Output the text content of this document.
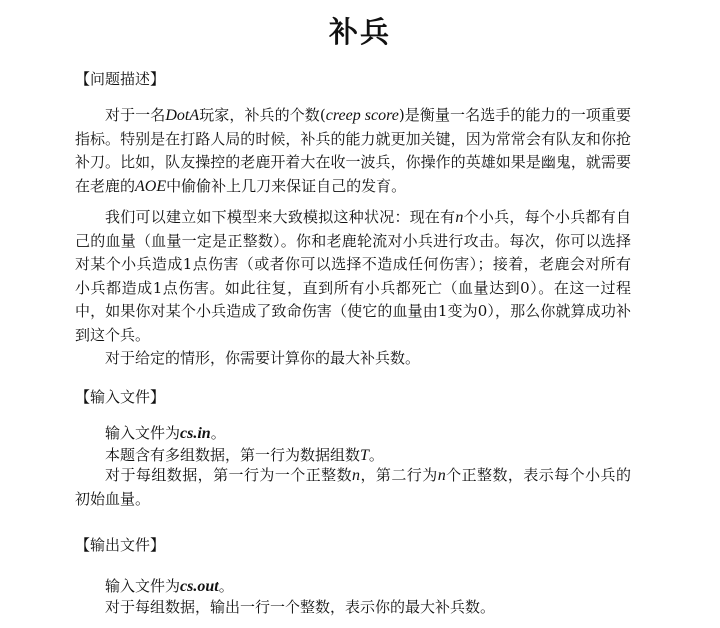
补兵
【问题描述】
对于一名DotA玩家，补兵的个数(creep score)是衡量一名选手的能力的一项重要指标。特别是在打路人局的时候，补兵的能力就更加关键，因为常常会有队友和你抢补刀。比如，队友操控的老鹿开着大在收一波兵，你操作的英雄如果是幽鬼，就需要在老鹿的AOE中偷偷补上几刀来保证自己的发育。
我们可以建立如下模型来大致模拟这种状况：现在有n个小兵，每个小兵都有自己的血量（血量一定是正整数）。你和老鹿轮流对小兵进行攻击。每次，你可以选择对某个小兵造成1点伤害（或者你可以选择不造成任何伤害）；接着，老鹿会对所有小兵都造成1点伤害。如此往复，直到所有小兵都死亡（血量达到0）。在这一过程中，如果你对某个小兵造成了致命伤害（使它的血量由1变为0），那么你就算成功补到这个兵。
对于给定的情形，你需要计算你的最大补兵数。
【输入文件】
输入文件为cs.in。
本题含有多组数据，第一行为数据组数T。
对于每组数据，第一行为一个正整数n，第二行为n个正整数，表示每个小兵的初始血量。
【输出文件】
输入文件为cs.out。
对于每组数据，输出一行一个整数，表示你的最大补兵数。
